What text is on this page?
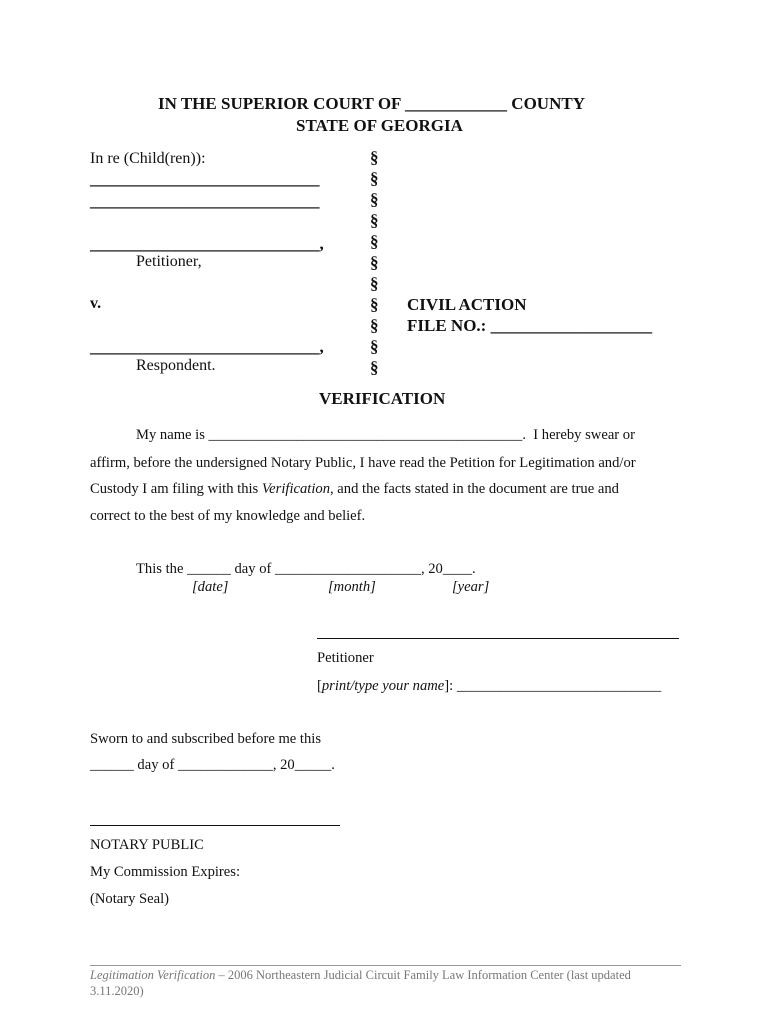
IN THE SUPERIOR COURT OF ____________ COUNTY
STATE OF GEORGIA
In re (Child(ren)):
___________________________
___________________________
___________________________,
Petitioner,
v.
___________________________,
Respondent.
§
§
§
§
§
§
§
§
§
§
§
CIVIL ACTION
FILE NO.: ___________________
VERIFICATION
My name is ___________________________________________.  I hereby swear or
affirm, before the undersigned Notary Public, I have read the Petition for Legitimation and/or
Custody I am filing with this Verification, and the facts stated in the document are true and
correct to the best of my knowledge and belief.
This the ______ day of ____________________, 20____.
[date]	[month]	[year]
Petitioner
[print/type your name]: ____________________________
Sworn to and subscribed before me this
______ day of _____________, 20_____.
NOTARY PUBLIC
My Commission Expires:
(Notary Seal)
Legitimation Verification – 2006 Northeastern Judicial Circuit Family Law Information Center (last updated
3.11.2020)
